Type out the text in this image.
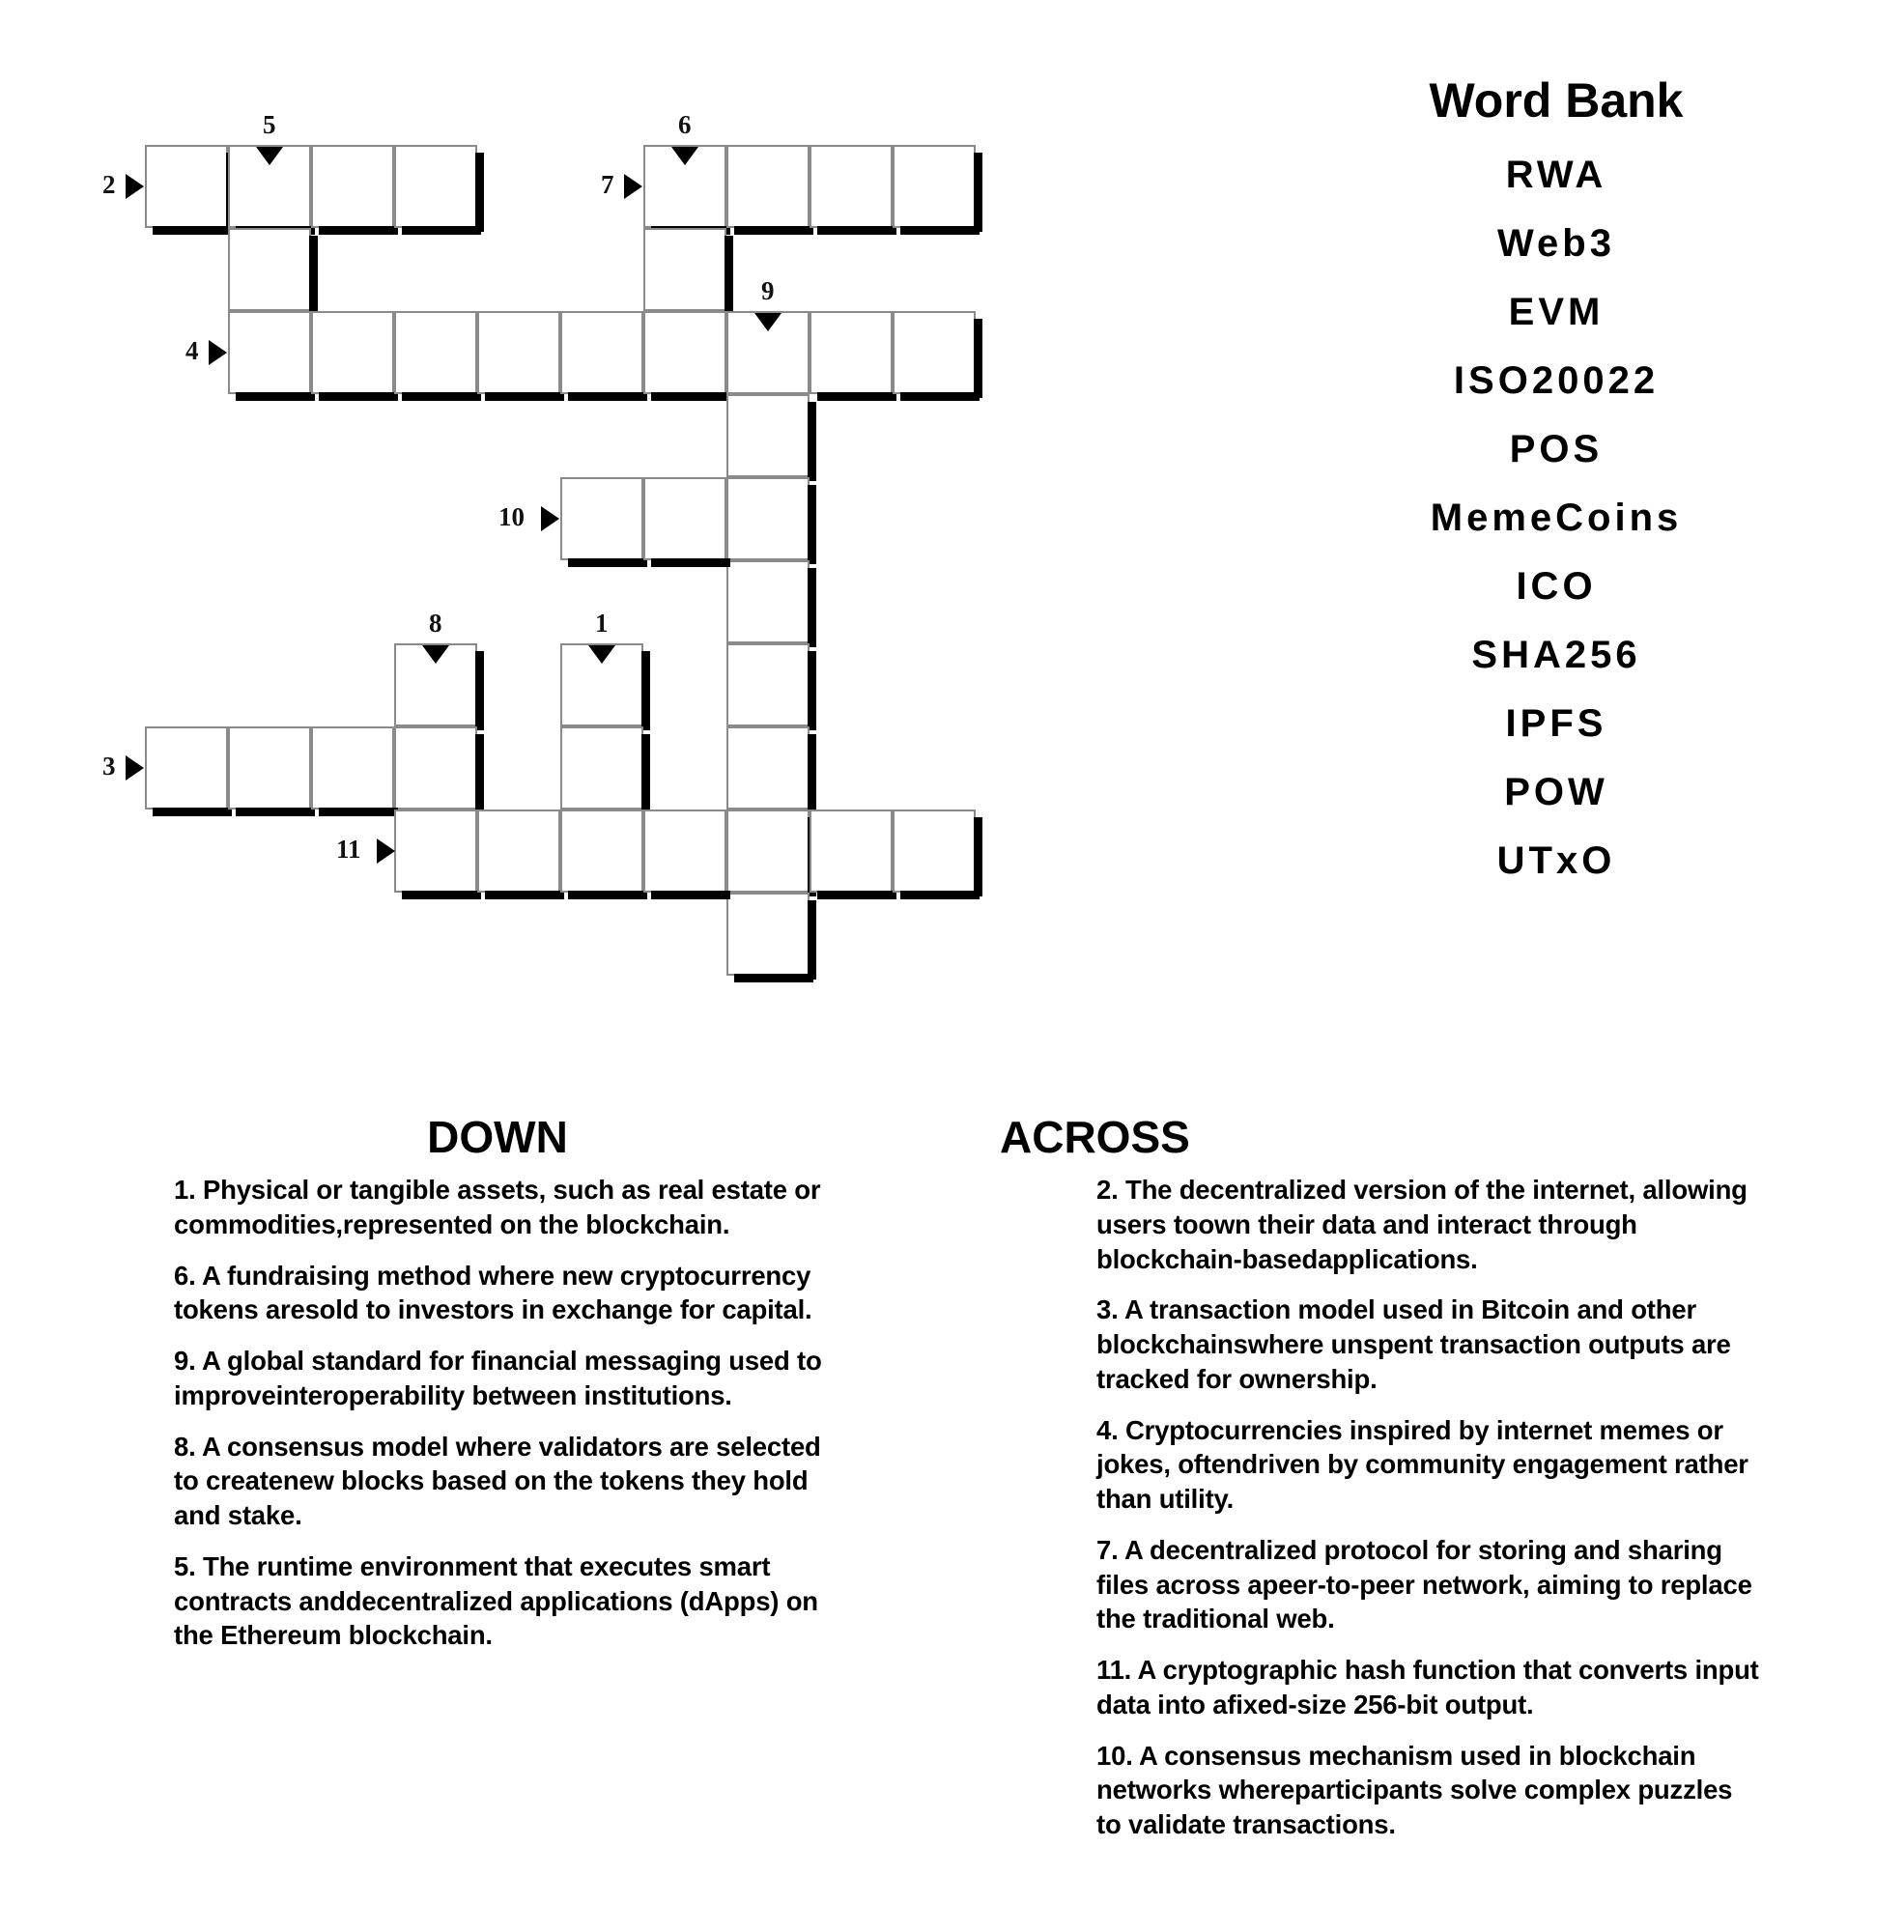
5
2
6
7
4
9
10
8	1
3
11
Word Bank
RWA
Web3
EVM
ISO20022
POS
MemeCoins
ICO
SHA256
IPFS
POW
UTxO
DOWN
1. Physical or tangible assets, such as real estate or commodities,represented on the blockchain.
6. A fundraising method where new cryptocurrency tokens aresold to investors in exchange for capital.
9. A global standard for financial messaging used to improveinteroperability between institutions.
8. A consensus model where validators are selected to createnew blocks based on the tokens they hold and stake.
5. The runtime environment that executes smart contracts anddecentralized applications (dApps) on the Ethereum blockchain.
ACROSS
2. The decentralized version of the internet, allowing users toown their data and interact through blockchain-basedapplications.
3. A transaction model used in Bitcoin and other blockchainswhere unspent transaction outputs are tracked for ownership.
4. Cryptocurrencies inspired by internet memes or jokes, oftendriven by community engagement rather than utility.
7. A decentralized protocol for storing and sharing files across apeer-to-peer network, aiming to replace the traditional web.
11. A cryptographic hash function that converts input data into afixed-size 256-bit output.
10. A consensus mechanism used in blockchain networks whereparticipants solve complex puzzles to validate transactions.
